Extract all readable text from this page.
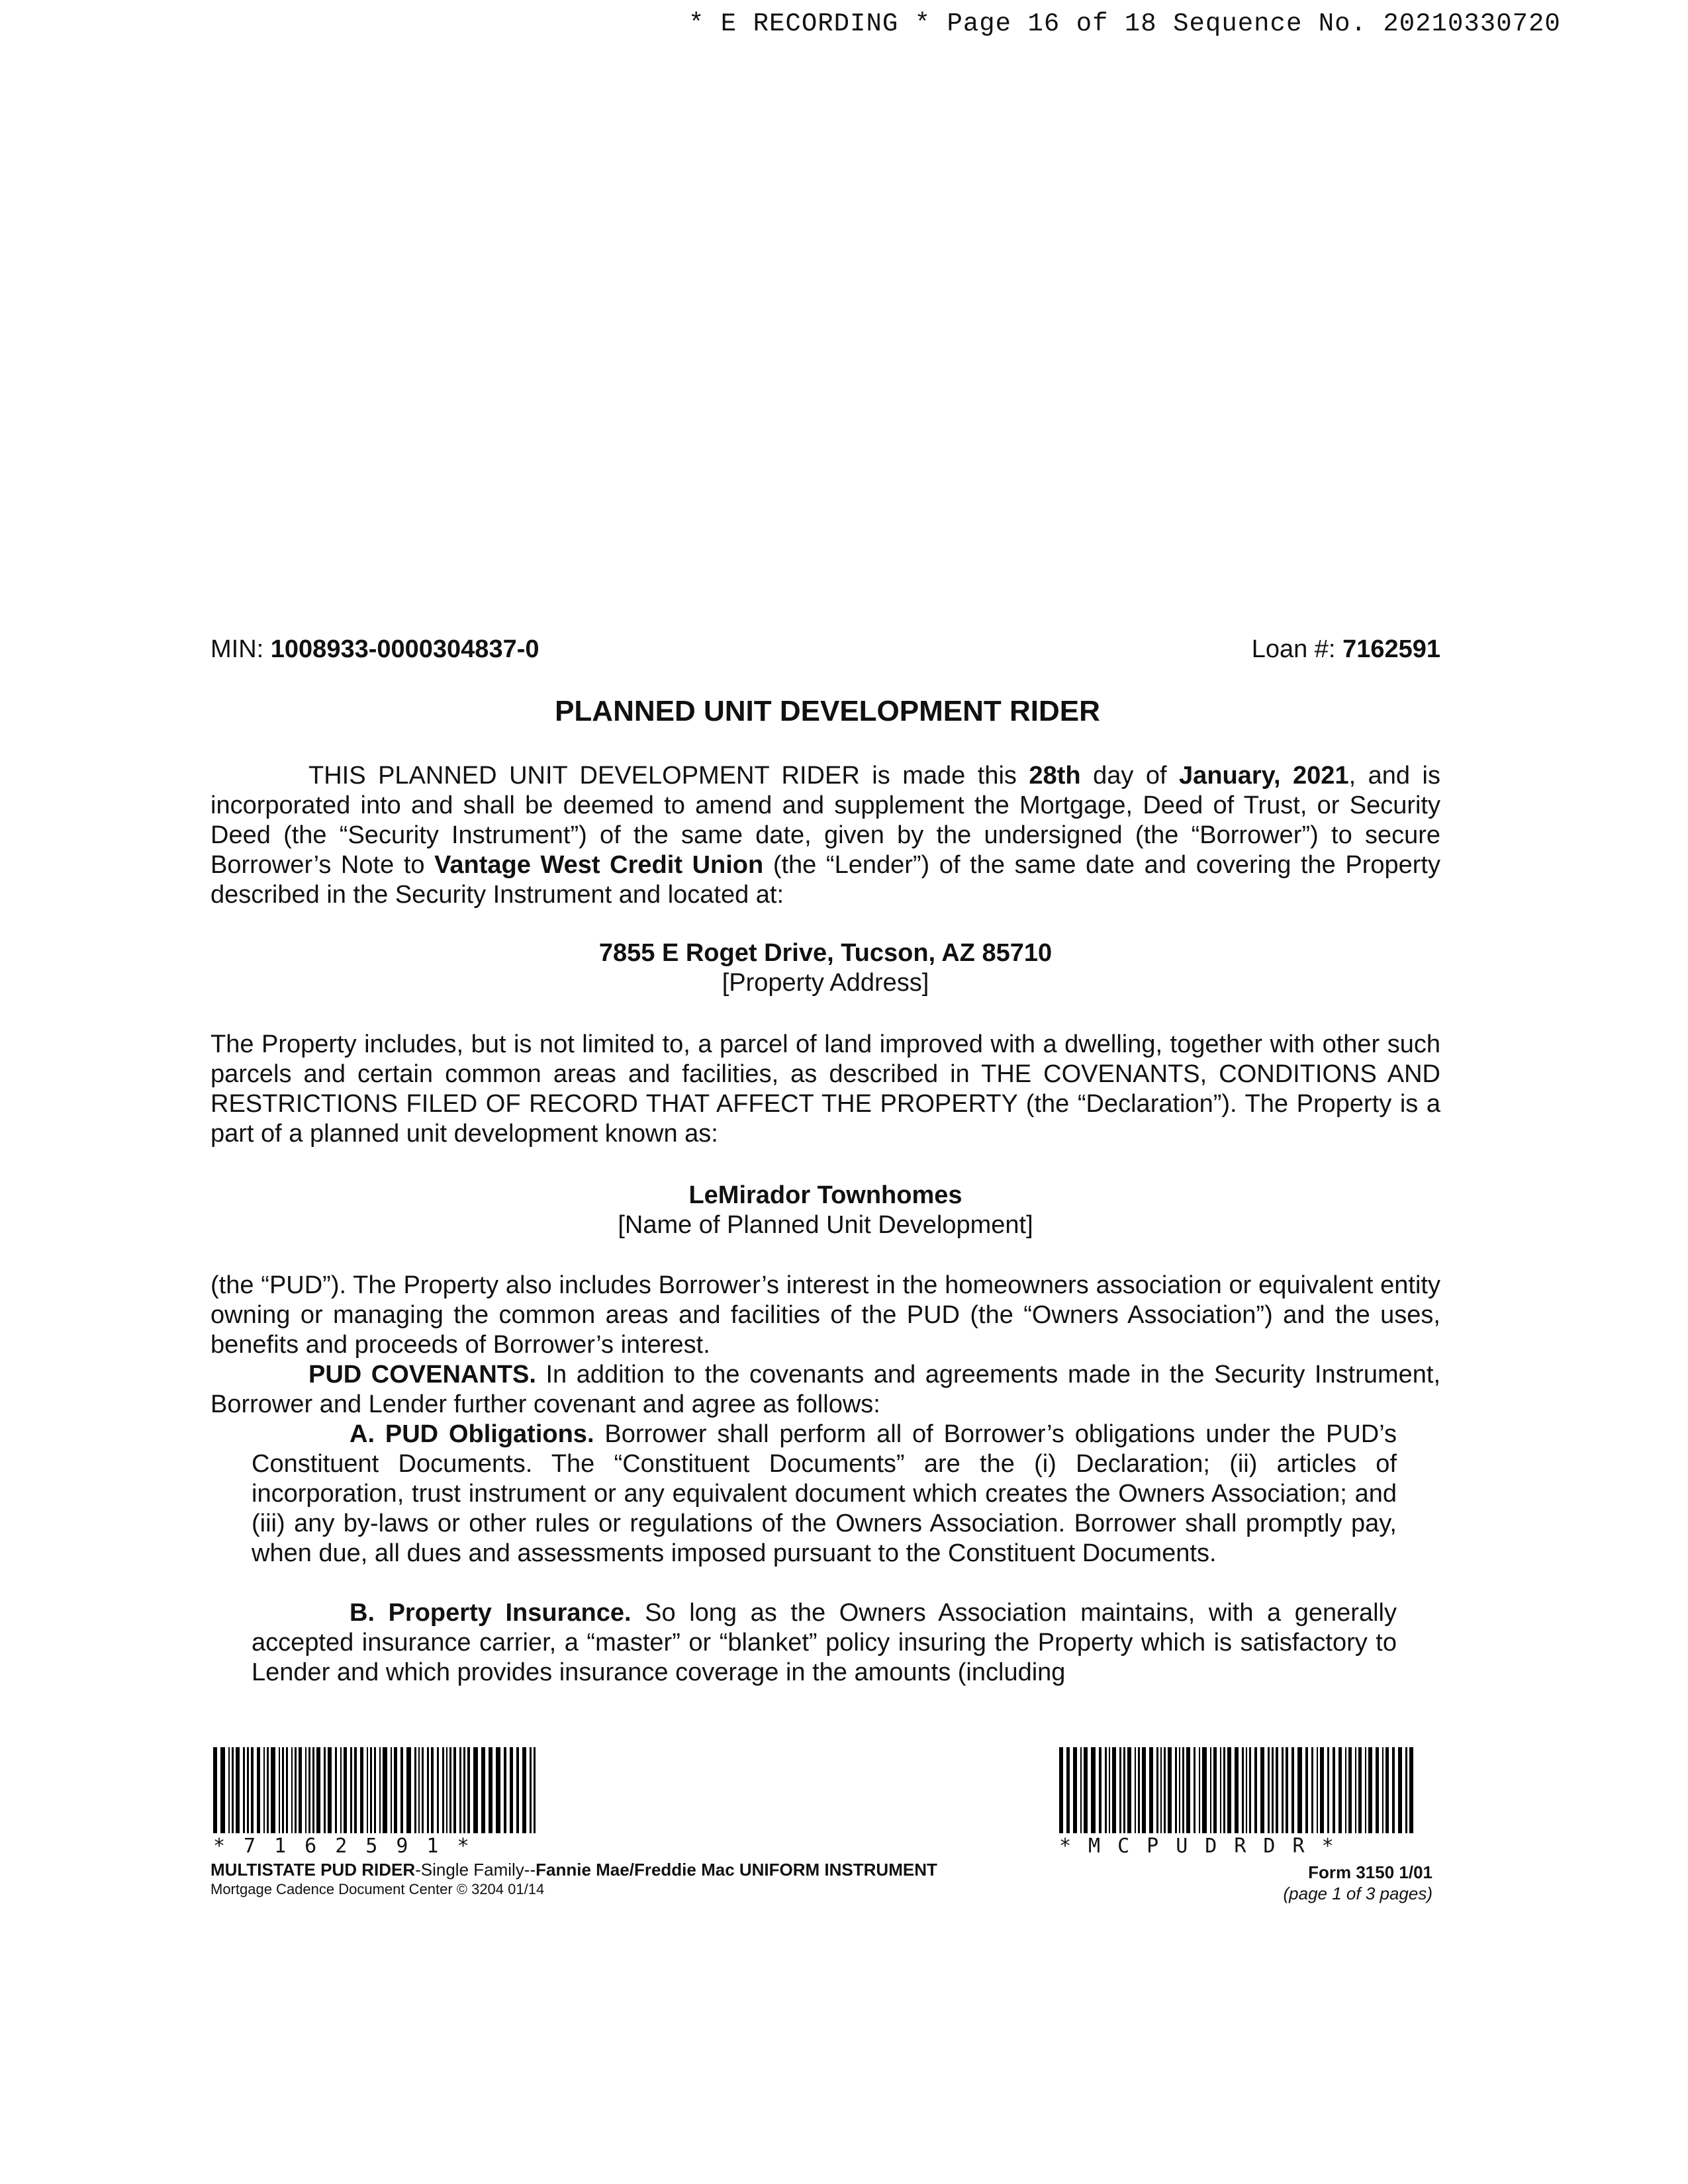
* E RECORDING * Page 16 of 18 Sequence No. 20210330720
MIN: 1008933-0000304837-0	Loan #: 7162591
PLANNED UNIT DEVELOPMENT RIDER

THIS PLANNED UNIT DEVELOPMENT RIDER is made this 28th day of January, 2021, and is incorporated into and shall be deemed to amend and supplement the Mortgage, Deed of Trust, or Security Deed (the “Security Instrument”) of the same date, given by the undersigned (the “Borrower”) to secure Borrower’s Note to Vantage West Credit Union (the “Lender”) of the same date and covering the Property described in the Security Instrument and located at:

7855 E Roget Drive, Tucson, AZ 85710
[Property Address]

The Property includes, but is not limited to, a parcel of land improved with a dwelling, together with other such parcels and certain common areas and facilities, as described in THE COVENANTS, CONDITIONS AND RESTRICTIONS FILED OF RECORD THAT AFFECT THE PROPERTY (the “Declaration”). The Property is a part of a planned unit development known as:

LeMirador Townhomes
[Name of Planned Unit Development]

(the “PUD”). The Property also includes Borrower’s interest in the homeowners association or equivalent entity owning or managing the common areas and facilities of the PUD (the “Owners Association”) and the uses, benefits and proceeds of Borrower’s interest.

PUD COVENANTS. In addition to the covenants and agreements made in the Security Instrument, Borrower and Lender further covenant and agree as follows:

A. PUD Obligations. Borrower shall perform all of Borrower’s obligations under the PUD’s Constituent Documents. The “Constituent Documents” are the (i) Declaration; (ii) articles of incorporation, trust instrument or any equivalent document which creates the Owners Association; and (iii) any by-laws or other rules or regulations of the Owners Association. Borrower shall promptly pay, when due, all dues and assessments imposed pursuant to the Constituent Documents.

B. Property Insurance. So long as the Owners Association maintains, with a generally accepted insurance carrier, a “master” or “blanket” policy insuring the Property which is satisfactory to Lender and which provides insurance coverage in the amounts (including

*7162591*	*MCPUDRDR*
MULTISTATE PUD RIDER-Single Family--Fannie Mae/Freddie Mac UNIFORM INSTRUMENT
Mortgage Cadence Document Center © 3204 01/14
Form 3150 1/01
(page 1 of 3 pages)
